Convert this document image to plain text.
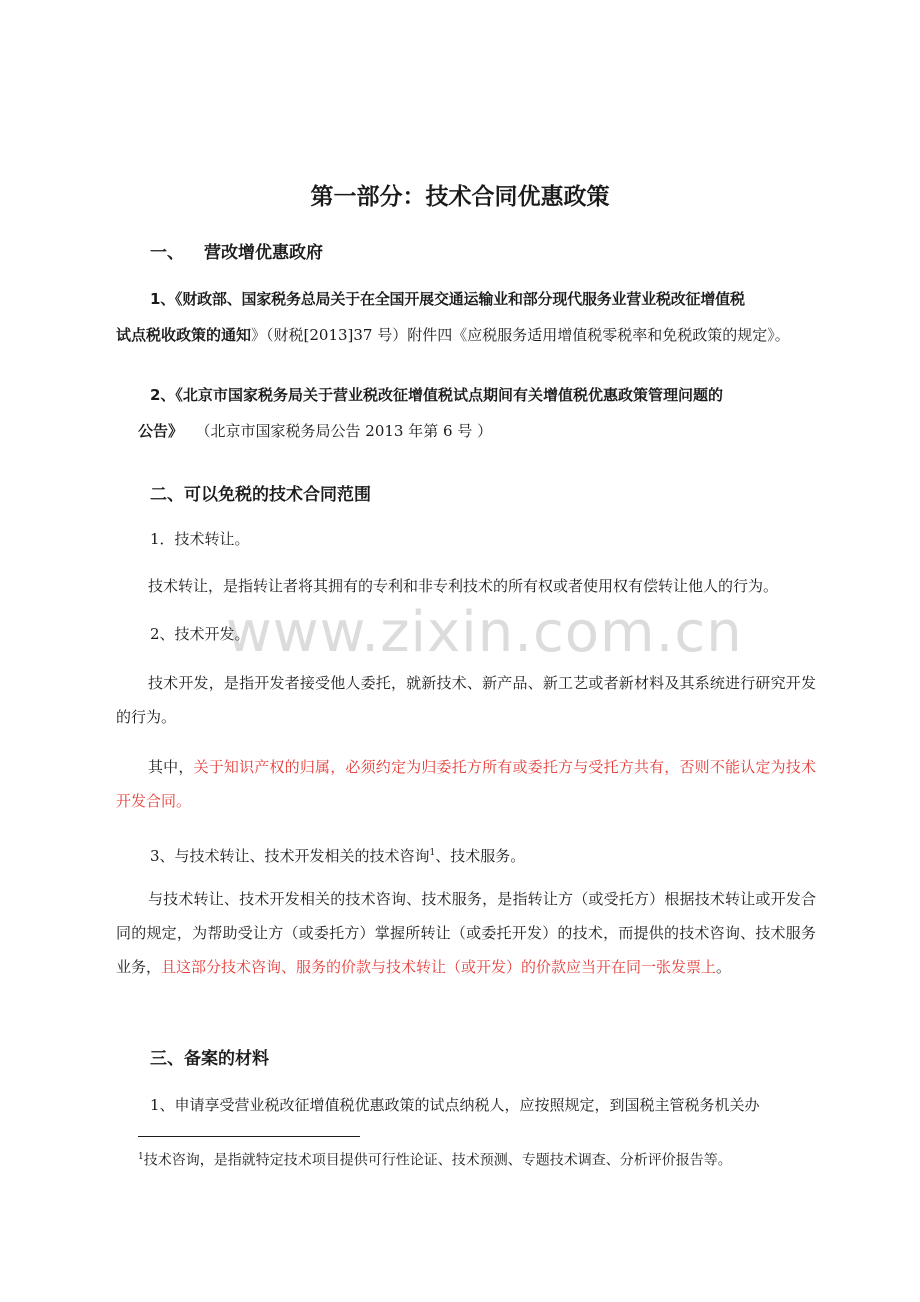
www.zixin.com.cn
第一部分：技术合同优惠政策
一、 营改增优惠政府
1、《财政部、国家税务总局关于在全国开展交通运输业和部分现代服务业营业税改征增值税
试点税收政策的通知》（财税[2013]37 号）附件四《应税服务适用增值税零税率和免税政策的规定》。
2、《北京市国家税务局关于营业税改征增值税试点期间有关增值税优惠政策管理问题的
公告》 （北京市国家税务局公告 2013 年第 6 号 ）
二、可以免税的技术合同范围
1．技术转让。
技术转让，是指转让者将其拥有的专利和非专利技术的所有权或者使用权有偿转让他人的行为。
2、技术开发。
技术开发，是指开发者接受他人委托，就新技术、新产品、新工艺或者新材料及其系统进行研究开发的行为。
其中，关于知识产权的归属，必须约定为归委托方所有或委托方与受托方共有，否则不能认定为技术开发合同。
3、与技术转让、技术开发相关的技术咨询$^1$、技术服务。
与技术转让、技术开发相关的技术咨询、技术服务，是指转让方（或受托方）根据技术转让或开发合同的规定，为帮助受让方（或委托方）掌握所转让（或委托开发）的技术，而提供的技术咨询、技术服务业务，且这部分技术咨询、服务的价款与技术转让（或开发）的价款应当开在同一张发票上。
三、备案的材料
1、申请享受营业税改征增值税优惠政策的试点纳税人，应按照规定，到国税主管税务机关办
$^1$技术咨询，是指就特定技术项目提供可行性论证、技术预测、专题技术调查、分析评价报告等。
